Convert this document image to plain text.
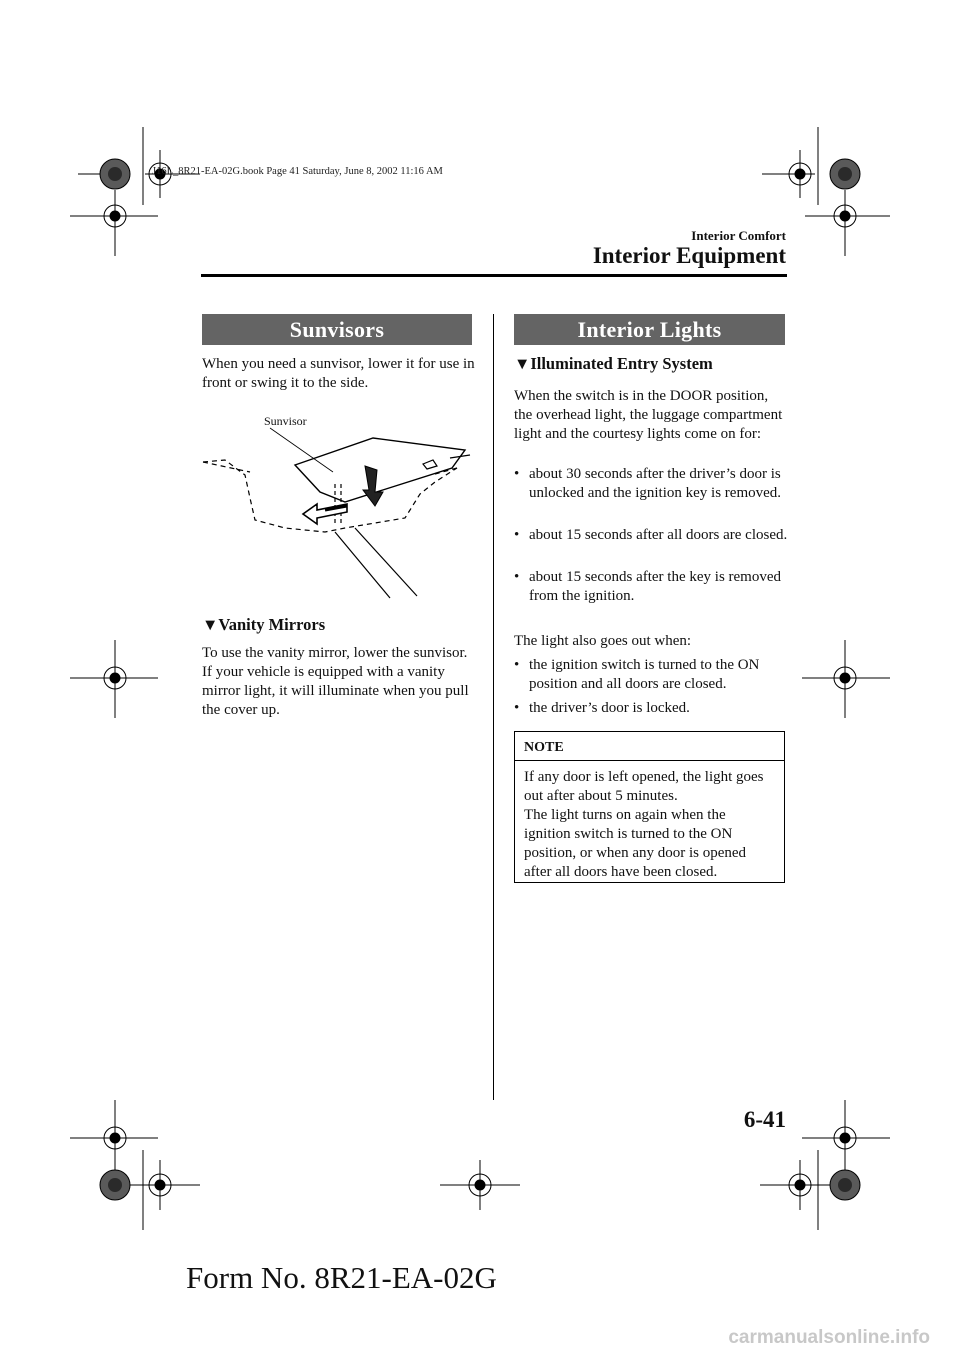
J16L_8R21-EA-02G.book Page 41 Saturday, June 8, 2002 11:16 AM
Interior Comfort
Interior Equipment
Sunvisors
When you need a sunvisor, lower it for use in front or swing it to the side.
Sunvisor
▼Vanity Mirrors
To use the vanity mirror, lower the sunvisor.
If your vehicle is equipped with a vanity mirror light, it will illuminate when you pull the cover up.
Interior Lights
▼Illuminated Entry System
When the switch is in the DOOR position, the overhead light, the luggage compartment light and the courtesy lights come on for:
• about 30 seconds after the driver’s door is unlocked and the ignition key is removed.
• about 15 seconds after all doors are closed.
• about 15 seconds after the key is removed from the ignition.
The light also goes out when:
• the ignition switch is turned to the ON position and all doors are closed.
• the driver’s door is locked.
NOTE
If any door is left opened, the light goes out after about 5 minutes.
The light turns on again when the ignition switch is turned to the ON position, or when any door is opened after all doors have been closed.
6-41
Form No. 8R21-EA-02G
carmanualsonline.info
